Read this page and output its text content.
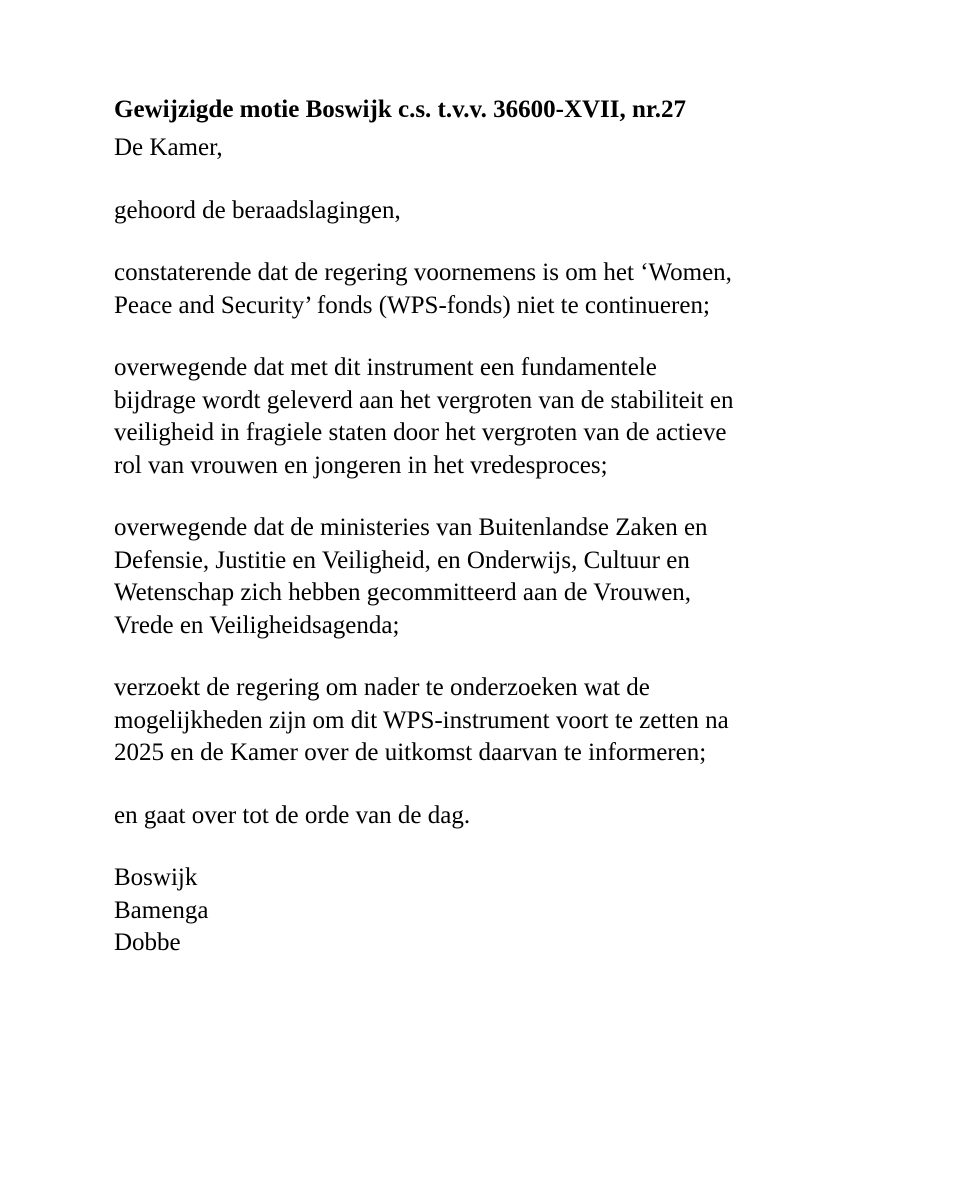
Gewijzigde motie Boswijk c.s. t.v.v. 36600-XVII, nr.27
De Kamer,
gehoord de beraadslagingen,
constaterende dat de regering voornemens is om het ‘Women,
Peace and Security’ fonds (WPS-fonds) niet te continueren;
overwegende dat met dit instrument een fundamentele
bijdrage wordt geleverd aan het vergroten van de stabiliteit en
veiligheid in fragiele staten door het vergroten van de actieve
rol van vrouwen en jongeren in het vredesproces;
overwegende dat de ministeries van Buitenlandse Zaken en
Defensie, Justitie en Veiligheid, en Onderwijs, Cultuur en
Wetenschap zich hebben gecommitteerd aan de Vrouwen,
Vrede en Veiligheidsagenda;
verzoekt de regering om nader te onderzoeken wat de
mogelijkheden zijn om dit WPS-instrument voort te zetten na
2025 en de Kamer over de uitkomst daarvan te informeren;
en gaat over tot de orde van de dag.
Boswijk
Bamenga
Dobbe
